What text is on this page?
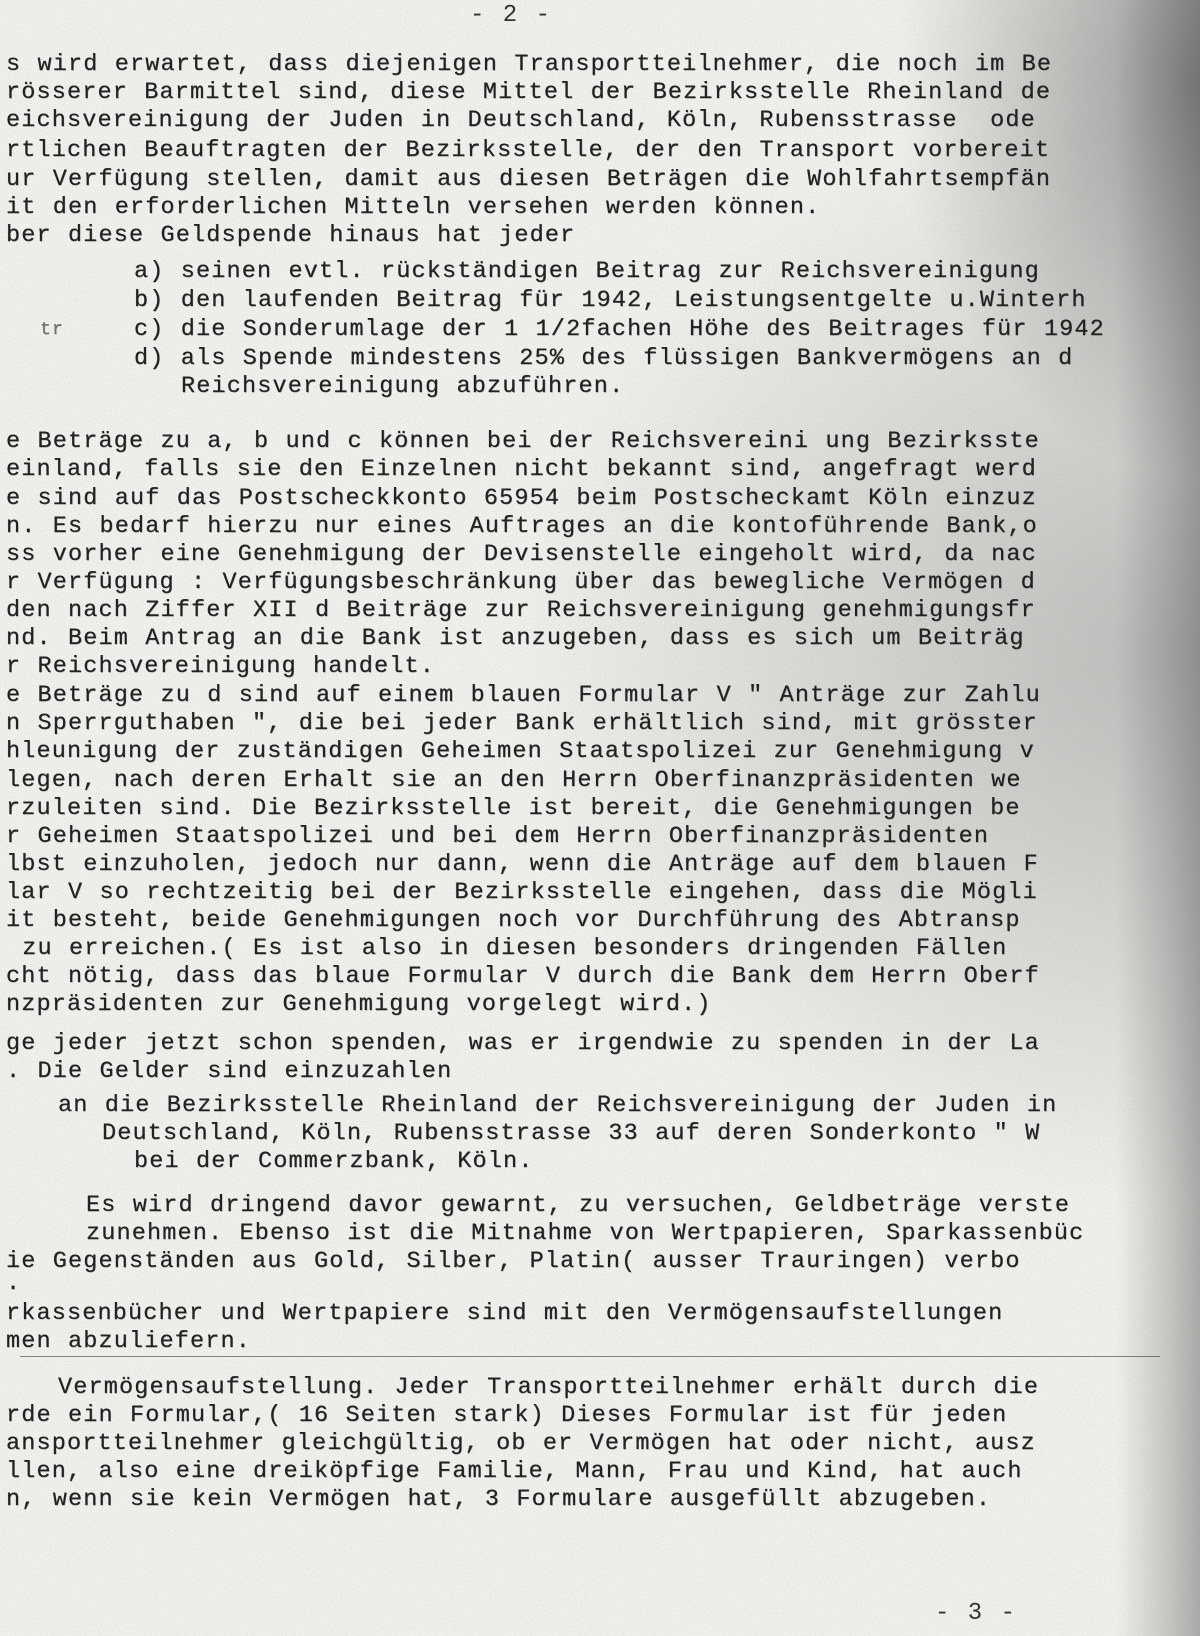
- 2 -
s wird erwartet, dass diejenigen Transportteilnehmer, die noch im Be
rösserer Barmittel sind, diese Mittel der Bezirksstelle Rheinland de
eichsvereinigung der Juden in Deutschland, Köln, Rubensstrasse  ode
rtlichen Beauftragten der Bezirksstelle, der den Transport vorbereit
ur Verfügung stellen, damit aus diesen Beträgen die Wohlfahrtsempfän
it den erforderlichen Mitteln versehen werden können.
ber diese Geldspende hinaus hat jeder
a) seinen evtl. rückständigen Beitrag zur Reichsvereinigung
b) den laufenden Beitrag für 1942, Leistungsentgelte u.Winterh
tr	c) die Sonderumlage der 1 1/2fachen Höhe des Beitrages für 1942
d) als Spende mindestens 25% des flüssigen Bankvermögens an d
Reichsvereinigung abzuführen.
e Beträge zu a, b und c können bei der Reichsvereini ung Bezirksste
einland, falls sie den Einzelnen nicht bekannt sind, angefragt werd
e sind auf das Postscheckkonto 65954 beim Postscheckamt Köln einzuz
n. Es bedarf hierzu nur eines Auftrages an die kontoführende Bank,o
ss vorher eine Genehmigung der Devisenstelle eingeholt wird, da nac
r Verfügung : Verfügungsbeschränkung über das bewegliche Vermögen d
den nach Ziffer XII d Beiträge zur Reichsvereinigung genehmigungsfr
nd. Beim Antrag an die Bank ist anzugeben, dass es sich um Beiträg
r Reichsvereinigung handelt.
e Beträge zu d sind auf einem blauen Formular V " Anträge zur Zahlu
n Sperrguthaben ", die bei jeder Bank erhältlich sind, mit grösster
hleunigung der zuständigen Geheimen Staatspolizei zur Genehmigung v
legen, nach deren Erhalt sie an den Herrn Oberfinanzpräsidenten we
rzuleiten sind. Die Bezirksstelle ist bereit, die Genehmigungen be
r Geheimen Staatspolizei und bei dem Herrn Oberfinanzpräsidenten
lbst einzuholen, jedoch nur dann, wenn die Anträge auf dem blauen F
lar V so rechtzeitig bei der Bezirksstelle eingehen, dass die Mögli
it besteht, beide Genehmigungen noch vor Durchführung des Abtransp
zu erreichen.( Es ist also in diesen besonders dringenden Fällen
cht nötig, dass das blaue Formular V durch die Bank dem Herrn Oberf
nzpräsidenten zur Genehmigung vorgelegt wird.)
ge jeder jetzt schon spenden, was er irgendwie zu spenden in der La
. Die Gelder sind einzuzahlen
an die Bezirksstelle Rheinland der Reichsvereinigung der Juden in
Deutschland, Köln, Rubensstrasse 33 auf deren Sonderkonto " W
bei der Commerzbank, Köln.
Es wird dringend davor gewarnt, zu versuchen, Geldbeträge verste
zunehmen. Ebenso ist die Mitnahme von Wertpapieren, Sparkassenbüc
ie Gegenständen aus Gold, Silber, Platin( ausser Trauringen) verbo
.
rkassenbücher und Wertpapiere sind mit den Vermögensaufstellungen
men abzuliefern.
Vermögensaufstellung. Jeder Transportteilnehmer erhält durch die
rde ein Formular,( 16 Seiten stark) Dieses Formular ist für jeden
ansportteilnehmer gleichgültig, ob er Vermögen hat oder nicht, ausz
llen, also eine dreiköpfige Familie, Mann, Frau und Kind, hat auch
n, wenn sie kein Vermögen hat, 3 Formulare ausgefüllt abzugeben.
- 3 -
